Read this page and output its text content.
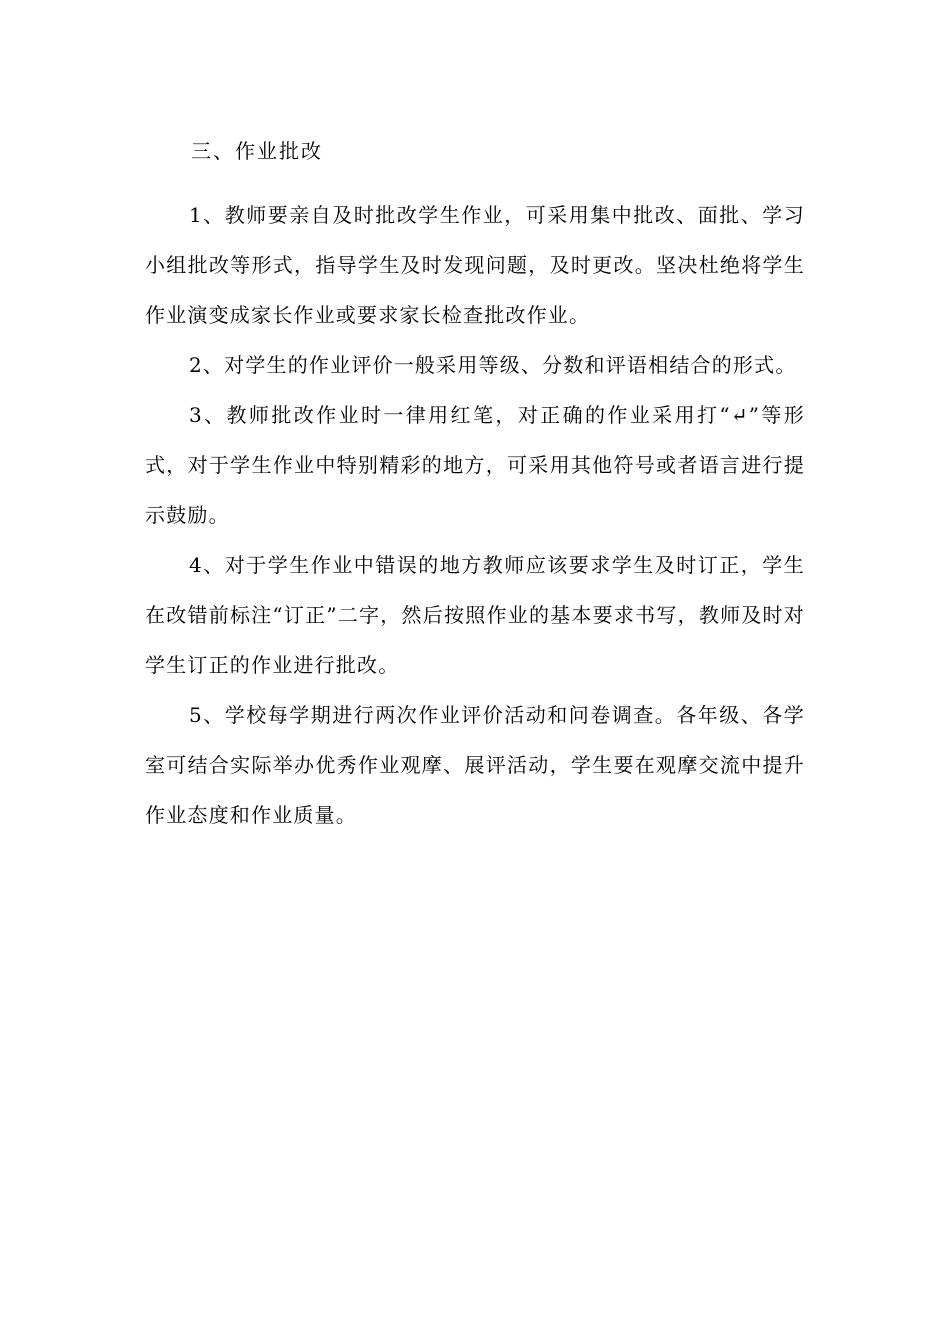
三、作业批改

1、教师要亲自及时批改学生作业，可采用集中批改、面批、学习小组批改等形式，指导学生及时发现问题，及时更改。坚决杜绝将学生作业演变成家长作业或要求家长检查批改作业。

2、对学生的作业评价一般采用等级、分数和评语相结合的形式。

3、教师批改作业时一律用红笔，对正确的作业采用打“↵”等形式，对于学生作业中特别精彩的地方，可采用其他符号或者语言进行提示鼓励。

4、对于学生作业中错误的地方教师应该要求学生及时订正，学生在改错前标注“订正”二字，然后按照作业的基本要求书写，教师及时对学生订正的作业进行批改。

5、学校每学期进行两次作业评价活动和问卷调查。各年级、各学室可结合实际举办优秀作业观摩、展评活动，学生要在观摩交流中提升作业态度和作业质量。
